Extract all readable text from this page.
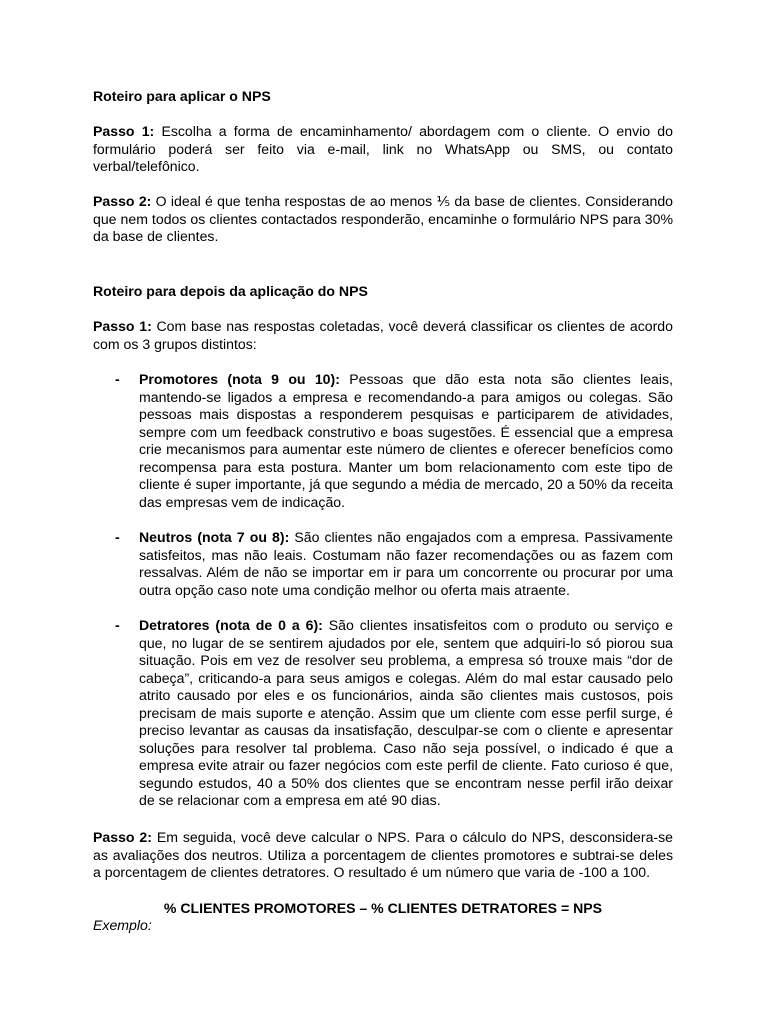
Roteiro para aplicar o NPS

Passo 1: Escolha a forma de encaminhamento/ abordagem com o cliente. O envio do formulário poderá ser feito via e-mail, link no WhatsApp ou SMS, ou contato verbal/telefônico.

Passo 2: O ideal é que tenha respostas de ao menos ⅕ da base de clientes. Considerando que nem todos os clientes contactados responderão, encaminhe o formulário NPS para 30% da base de clientes.

Roteiro para depois da aplicação do NPS

Passo 1: Com base nas respostas coletadas, você deverá classificar os clientes de acordo com os 3 grupos distintos:

- Promotores (nota 9 ou 10): Pessoas que dão esta nota são clientes leais, mantendo-se ligados a empresa e recomendando-a para amigos ou colegas. São pessoas mais dispostas a responderem pesquisas e participarem de atividades, sempre com um feedback construtivo e boas sugestões. É essencial que a empresa crie mecanismos para aumentar este número de clientes e oferecer benefícios como recompensa para esta postura. Manter um bom relacionamento com este tipo de cliente é super importante, já que segundo a média de mercado, 20 a 50% da receita das empresas vem de indicação.

- Neutros (nota 7 ou 8): São clientes não engajados com a empresa. Passivamente satisfeitos, mas não leais. Costumam não fazer recomendações ou as fazem com ressalvas. Além de não se importar em ir para um concorrente ou procurar por uma outra opção caso note uma condição melhor ou oferta mais atraente.

- Detratores (nota de 0 a 6): São clientes insatisfeitos com o produto ou serviço e que, no lugar de se sentirem ajudados por ele, sentem que adquiri-lo só piorou sua situação. Pois em vez de resolver seu problema, a empresa só trouxe mais “dor de cabeça”, criticando-a para seus amigos e colegas. Além do mal estar causado pelo atrito causado por eles e os funcionários, ainda são clientes mais custosos, pois precisam de mais suporte e atenção. Assim que um cliente com esse perfil surge, é preciso levantar as causas da insatisfação, desculpar-se com o cliente e apresentar soluções para resolver tal problema. Caso não seja possível, o indicado é que a empresa evite atrair ou fazer negócios com este perfil de cliente. Fato curioso é que, segundo estudos, 40 a 50% dos clientes que se encontram nesse perfil irão deixar de se relacionar com a empresa em até 90 dias.

Passo 2: Em seguida, você deve calcular o NPS. Para o cálculo do NPS, desconsidera-se as avaliações dos neutros. Utiliza a porcentagem de clientes promotores e subtrai-se deles a porcentagem de clientes detratores. O resultado é um número que varia de -100 a 100.

% CLIENTES PROMOTORES – % CLIENTES DETRATORES = NPS

Exemplo:
